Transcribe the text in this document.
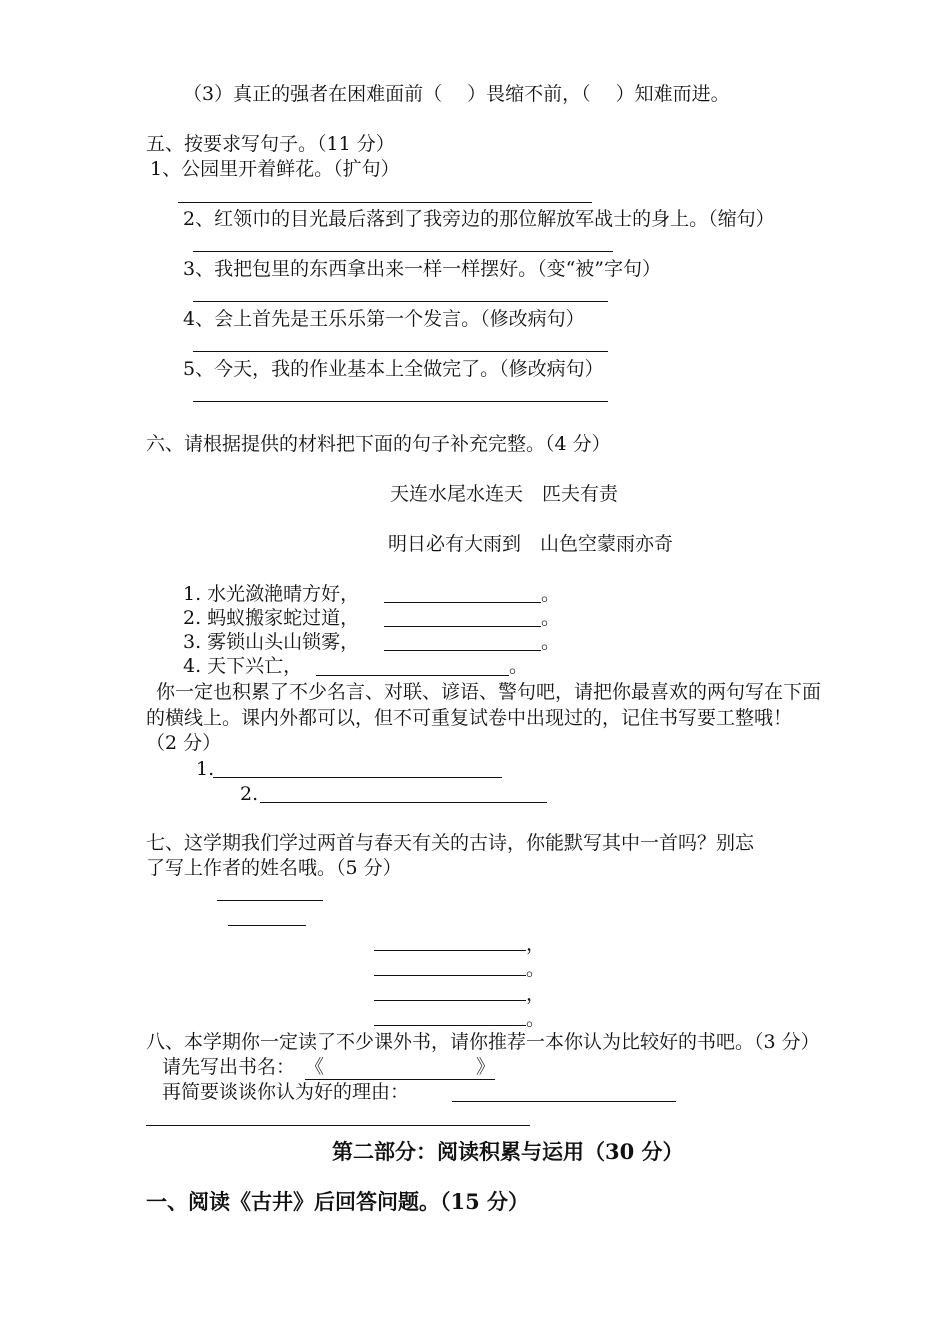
（3）真正的强者在困难面前（　 ）畏缩不前，（　 ）知难而进。
五、按要求写句子。（11 分）
1、公园里开着鲜花。（扩句）
2、红领巾的目光最后落到了我旁边的那位解放军战士的身上。（缩句）
3、我把包里的东西拿出来一样一样摆好。（变“被”字句）
4、会上首先是王乐乐第一个发言。（修改病句）
5、今天，我的作业基本上全做完了。（修改病句）
六、请根据提供的材料把下面的句子补充完整。（4 分）
天连水尾水连天　匹夫有责
明日必有大雨到　山色空蒙雨亦奇
1. 水光潋滟晴方好，	。
2. 蚂蚁搬家蛇过道，	。
3. 雾锁山头山锁雾，	。
4. 天下兴亡，	。
你一定也积累了不少名言、对联、谚语、警句吧，请把你最喜欢的两句写在下面
的横线上。课内外都可以，但不可重复试卷中出现过的，记住书写要工整哦！
（2 分）
1.
2.
七、这学期我们学过两首与春天有关的古诗，你能默写其中一首吗？别忘
了写上作者的姓名哦。（5 分）
，
。
，
。
八、本学期你一定读了不少课外书，请你推荐一本你认为比较好的书吧。（3 分）
请先写出书名： 《　　　　　　　　》
再简要谈谈你认为好的理由：
第二部分：阅读积累与运用（30 分）
一、阅读《古井》后回答问题。（15 分）
